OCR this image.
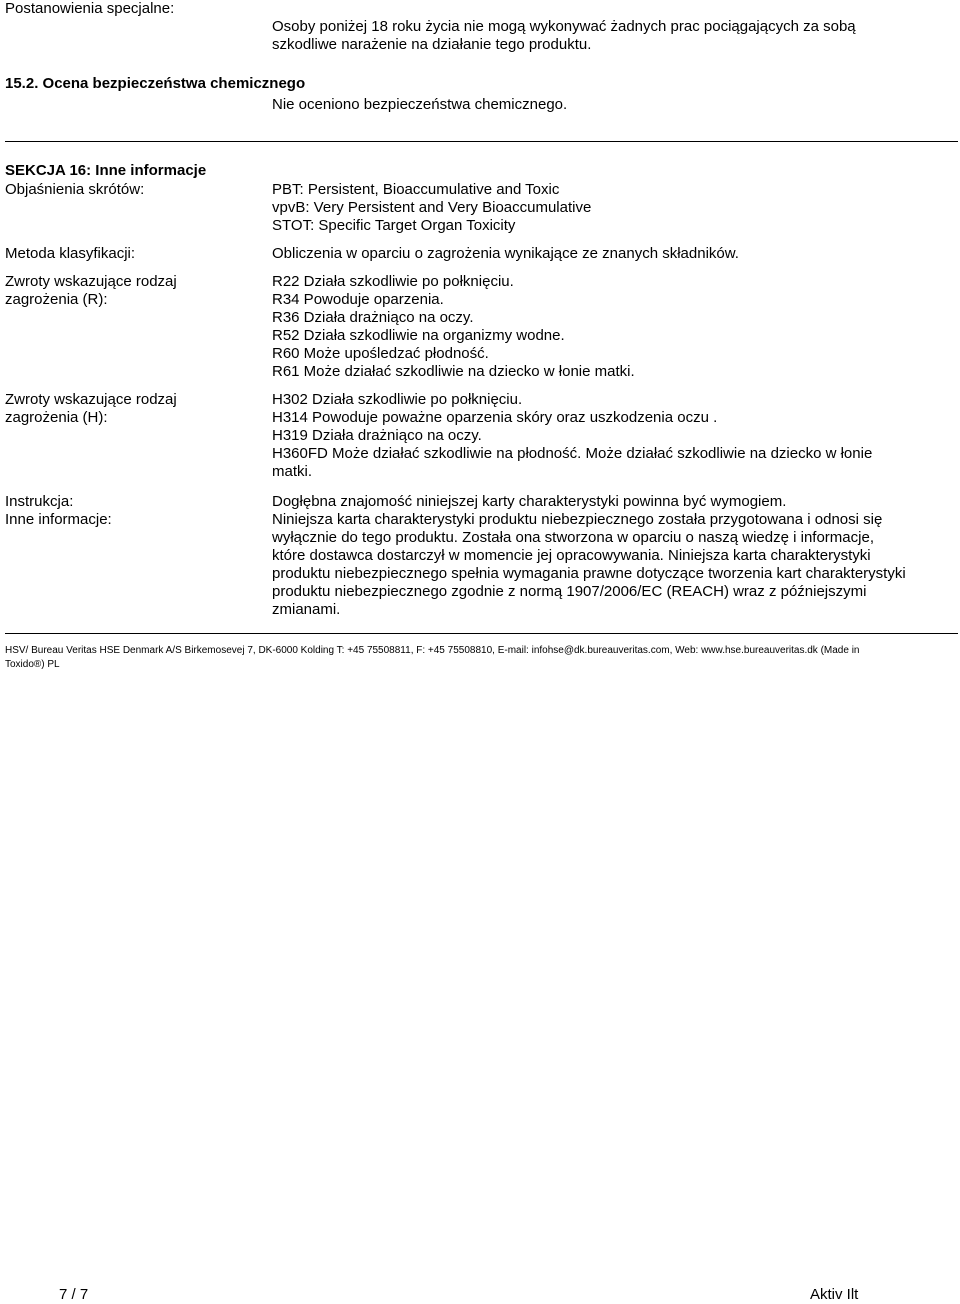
Postanowienia specjalne:
Osoby poniżej 18 roku życia nie mogą wykonywać żadnych prac pociągających za sobą
szkodliwe narażenie na działanie tego produktu.
15.2. Ocena bezpieczeństwa chemicznego
Nie oceniono bezpieczeństwa chemicznego.
SEKCJA 16: Inne informacje
Objaśnienia skrótów:	PBT: Persistent, Bioaccumulative and Toxic
vpvB: Very Persistent and Very Bioaccumulative
STOT: Specific Target Organ Toxicity
Metoda klasyfikacji:	Obliczenia w oparciu o zagrożenia wynikające ze znanych składników.
Zwroty wskazujące rodzaj
zagrożenia (R):
R22 Działa szkodliwie po połknięciu.
R34 Powoduje oparzenia.
R36 Działa drażniąco na oczy.
R52 Działa szkodliwie na organizmy wodne.
R60 Może upośledzać płodność.
R61 Może działać szkodliwie na dziecko w łonie matki.
Zwroty wskazujące rodzaj
zagrożenia (H):
H302 Działa szkodliwie po połknięciu.
H314 Powoduje poważne oparzenia skóry oraz uszkodzenia oczu .
H319 Działa drażniąco na oczy.
H360FD Może działać szkodliwie na płodność. Może działać szkodliwie na dziecko w łonie
matki.
Instrukcja:	Dogłębna znajomość niniejszej karty charakterystyki powinna być wymogiem.
Inne informacje:	Niniejsza karta charakterystyki produktu niebezpiecznego została przygotowana i odnosi się
wyłącznie do tego produktu. Została ona stworzona w oparciu o naszą wiedzę i informacje,
które dostawca dostarczył w momencie jej opracowywania. Niniejsza karta charakterystyki
produktu niebezpiecznego spełnia wymagania prawne dotyczące tworzenia kart charakterystyki
produktu niebezpiecznego zgodnie z normą 1907/2006/EC (REACH) wraz z późniejszymi
zmianami.
HSV/ Bureau Veritas HSE Denmark A/S Birkemosevej 7, DK-6000 Kolding T: +45 75508811, F: +45 75508810, E-mail: infohse@dk.bureauveritas.com, Web: www.hse.bureauveritas.dk (Made in
Toxido®) PL
7 / 7	Aktiv Ilt
